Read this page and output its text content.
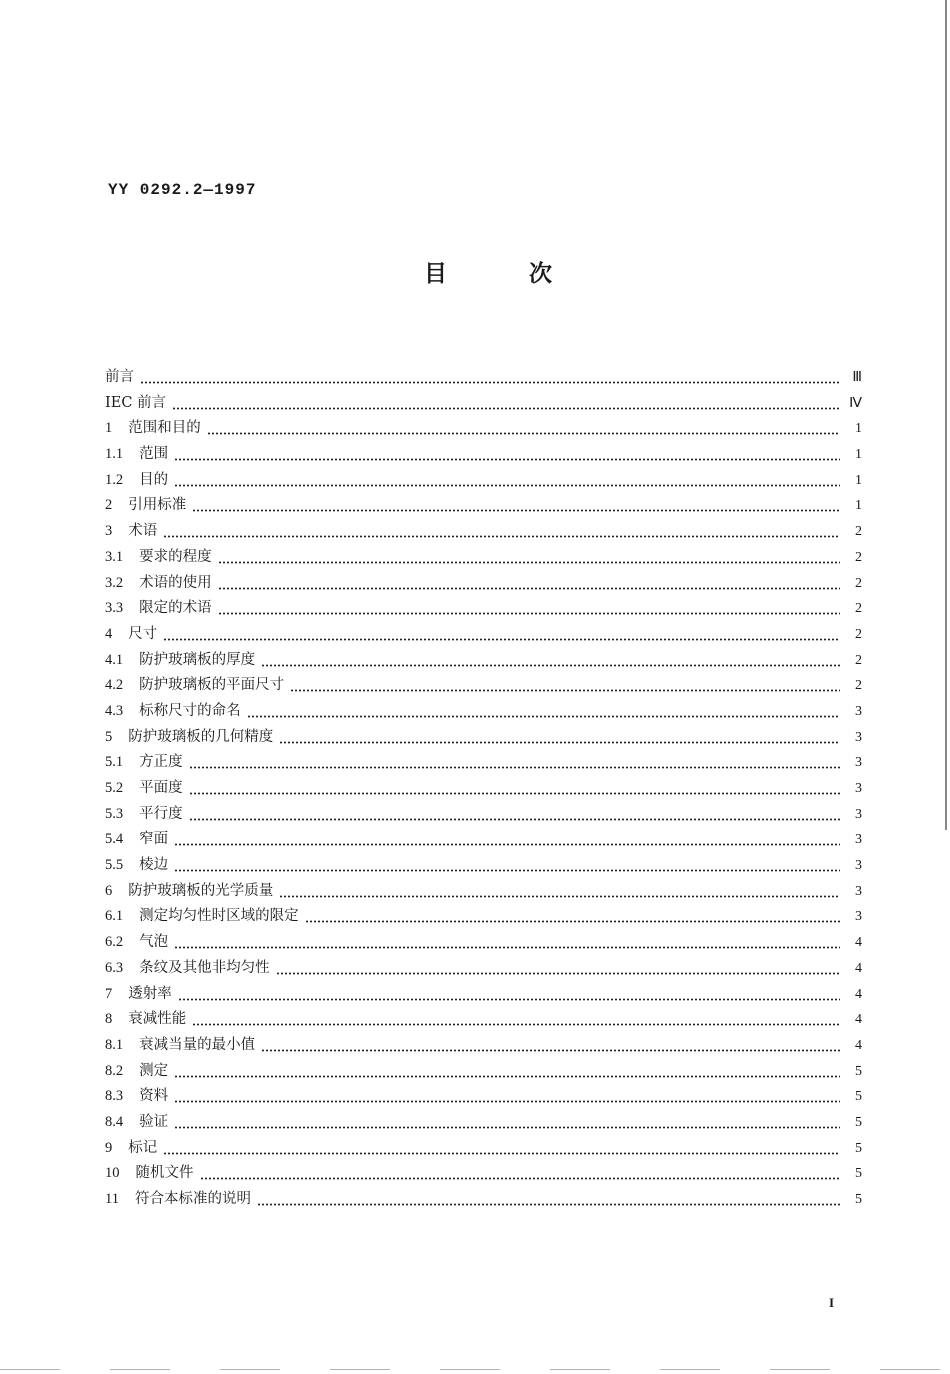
YY 0292.2—1997
目次
前言	Ⅲ
IEC 前言	Ⅳ
1 范围和目的	1
1.1 范围	1
1.2 目的	1
2 引用标准	1
3 术语	2
3.1 要求的程度	2
3.2 术语的使用	2
3.3 限定的术语	2
4 尺寸	2
4.1 防护玻璃板的厚度	2
4.2 防护玻璃板的平面尺寸	2
4.3 标称尺寸的命名	3
5 防护玻璃板的几何精度	3
5.1 方正度	3
5.2 平面度	3
5.3 平行度	3
5.4 窄面	3
5.5 棱边	3
6 防护玻璃板的光学质量	3
6.1 测定均匀性时区域的限定	3
6.2 气泡	4
6.3 条纹及其他非均匀性	4
7 透射率	4
8 衰减性能	4
8.1 衰减当量的最小值	4
8.2 测定	5
8.3 资料	5
8.4 验证	5
9 标记	5
10 随机文件	5
11 符合本标准的说明	5
I
